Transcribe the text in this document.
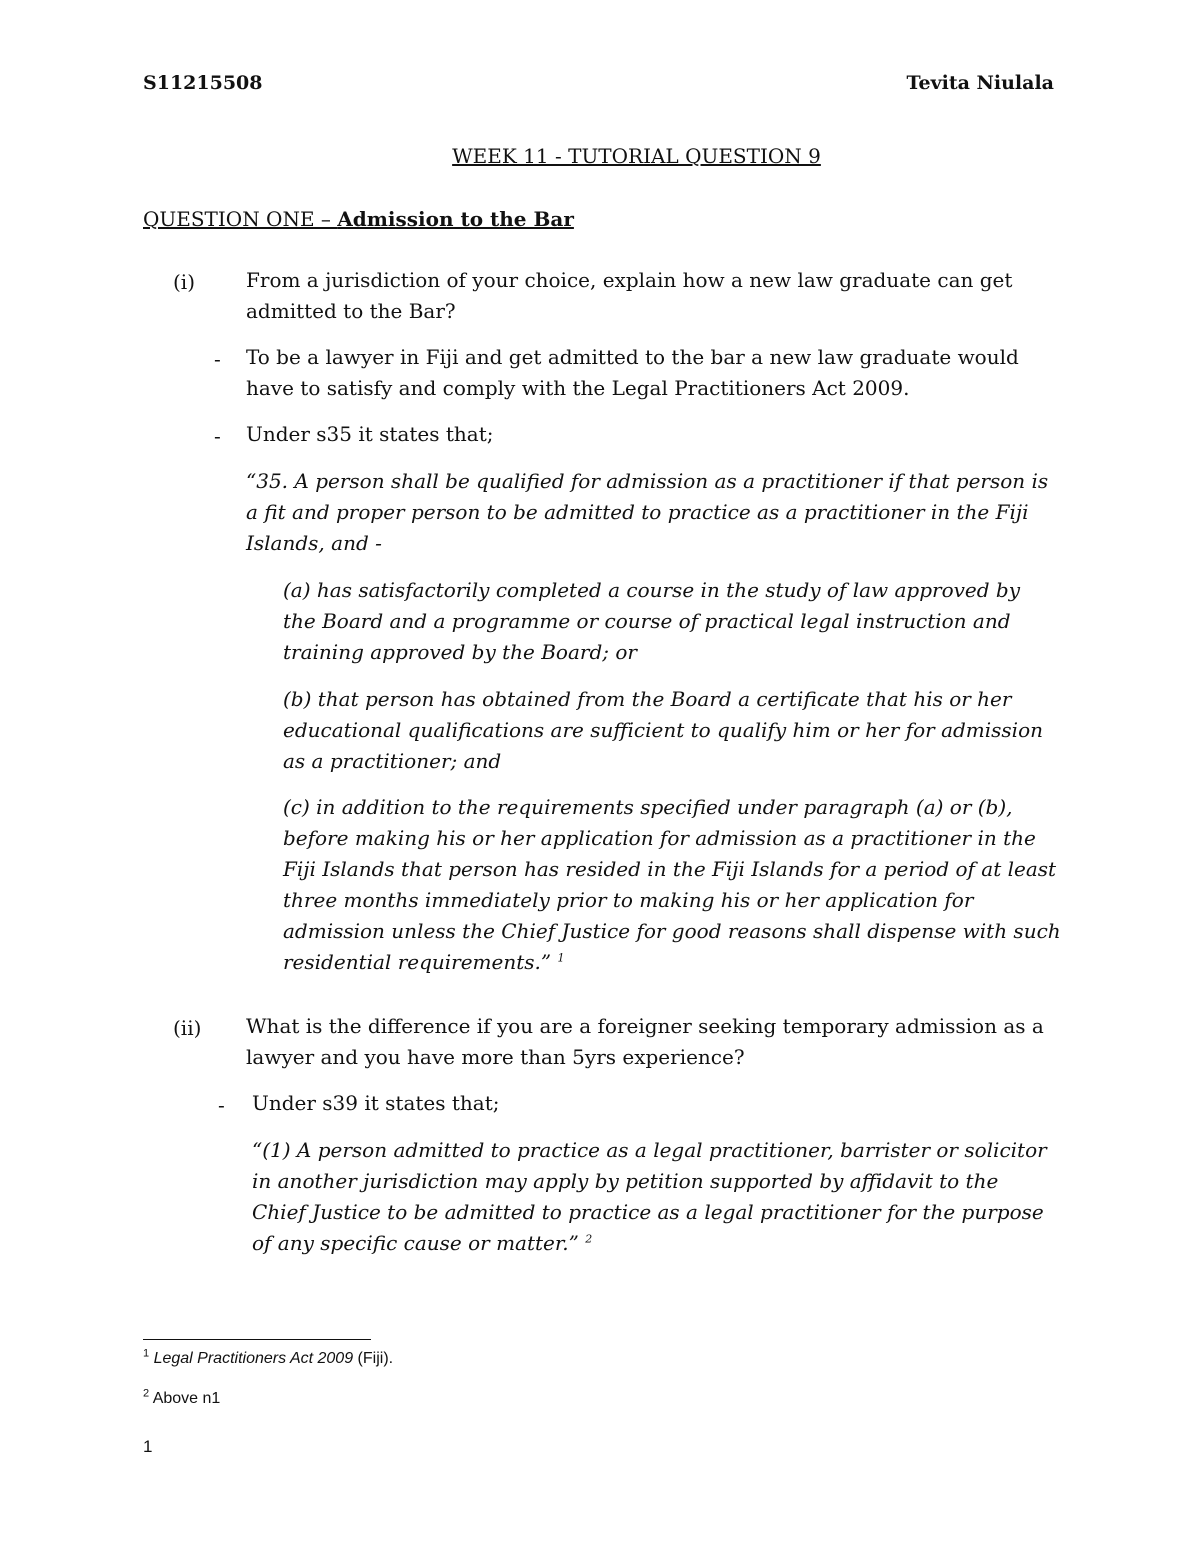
S11215508	Tevita Niulala
WEEK 11 - TUTORIAL QUESTION 9
QUESTION ONE – Admission to the Bar
(i)	From a jurisdiction of your choice, explain how a new law graduate can get admitted to the Bar?
- To be a lawyer in Fiji and get admitted to the bar a new law graduate would have to satisfy and comply with the Legal Practitioners Act 2009.
- Under s35 it states that;
“35. A person shall be qualified for admission as a practitioner if that person is a fit and proper person to be admitted to practice as a practitioner in the Fiji Islands, and -
(a) has satisfactorily completed a course in the study of law approved by the Board and a programme or course of practical legal instruction and training approved by the Board; or
(b) that person has obtained from the Board a certificate that his or her educational qualifications are sufficient to qualify him or her for admission as a practitioner; and
(c) in addition to the requirements specified under paragraph (a) or (b), before making his or her application for admission as a practitioner in the Fiji Islands that person has resided in the Fiji Islands for a period of at least three months immediately prior to making his or her application for admission unless the Chief Justice for good reasons shall dispense with such residential requirements.” $^1$
(ii) What is the difference if you are a foreigner seeking temporary admission as a lawyer and you have more than 5yrs experience?
- Under s39 it states that;
“(1) A person admitted to practice as a legal practitioner, barrister or solicitor in another jurisdiction may apply by petition supported by affidavit to the Chief Justice to be admitted to practice as a legal practitioner for the purpose of any specific cause or matter.” $^2$
$^1$ Legal Practitioners Act 2009 (Fiji).
$^2$ Above n1
1
